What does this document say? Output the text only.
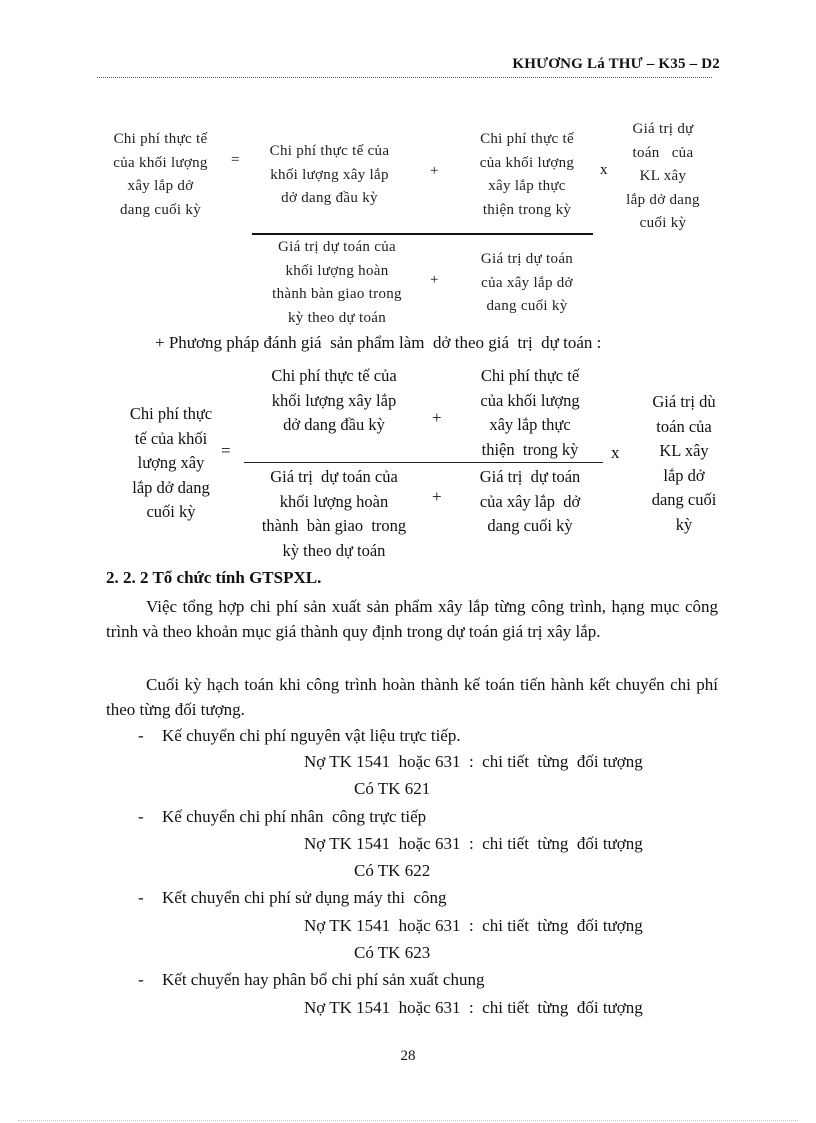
KHƯƠNG Lá THƯ – K35 – D2
Chi phí thực tế
của khối lượng
xây lắp dở
dang cuối kỳ
=
Chi phí thực tế của
khối lượng xây lắp
dở dang đầu kỳ
+
Chi phí thực tế
của khối lượng
xây lắp thực
thiện trong kỳ
x
Giá trị dự
toán   của
KL xây
lắp dở dang
cuối kỳ
Giá trị dự toán của
khối lượng hoàn
thành bàn giao trong
kỳ theo dự toán
+
Giá trị dự toán
của xây lắp dở
dang cuối kỳ
+ Phương pháp đánh giá  sản phẩm làm  dở theo giá  trị  dự toán :
Chi phí thực
tế của khối
lượng xây
lắp dở dang
cuối kỳ
=
Chi phí thực tế của
khối lượng xây lắp
dở dang đầu kỳ	+
Chi phí thực tế
của khối lượng
xây lắp thực
thiện  trong kỳ	x
Giá trị dù
toán của
KL xây
lắp dở
dang cuối
kỳ
Giá trị  dự toán của
khối lượng hoàn
thành  bàn giao  trong
kỳ theo dự toán
+
Giá trị  dự toán
của xây lắp  dở
dang cuối kỳ
2. 2. 2 Tổ chức tính GTSPXL.
Việc tổng hợp chi phí sản xuất sản phẩm xây lắp từng công trình, hạng mục công trình và theo khoản mục giá thành quy định trong dự toán giá trị xây lắp.
Cuối kỳ hạch toán khi công trình hoàn thành kế toán tiến hành kết chuyển chi phí theo từng đối tượng.
- Kế chuyển chi phí nguyên vật liệu trực tiếp.
Nợ TK 1541  hoặc 631  :  chi tiết  từng  đối tượng
Có TK 621
- Kế chuyển chi phí nhân  công trực tiếp
Nợ TK 1541  hoặc 631  :  chi tiết  từng  đối tượng
Có TK 622
- Kết chuyển chi phí sử dụng máy thi  công
Nợ TK 1541  hoặc 631  :  chi tiết  từng  đối tượng
Có TK 623
- Kết chuyển hay phân bổ chi phí sản xuất chung
Nợ TK 1541  hoặc 631  :  chi tiết  từng  đối tượng
28
